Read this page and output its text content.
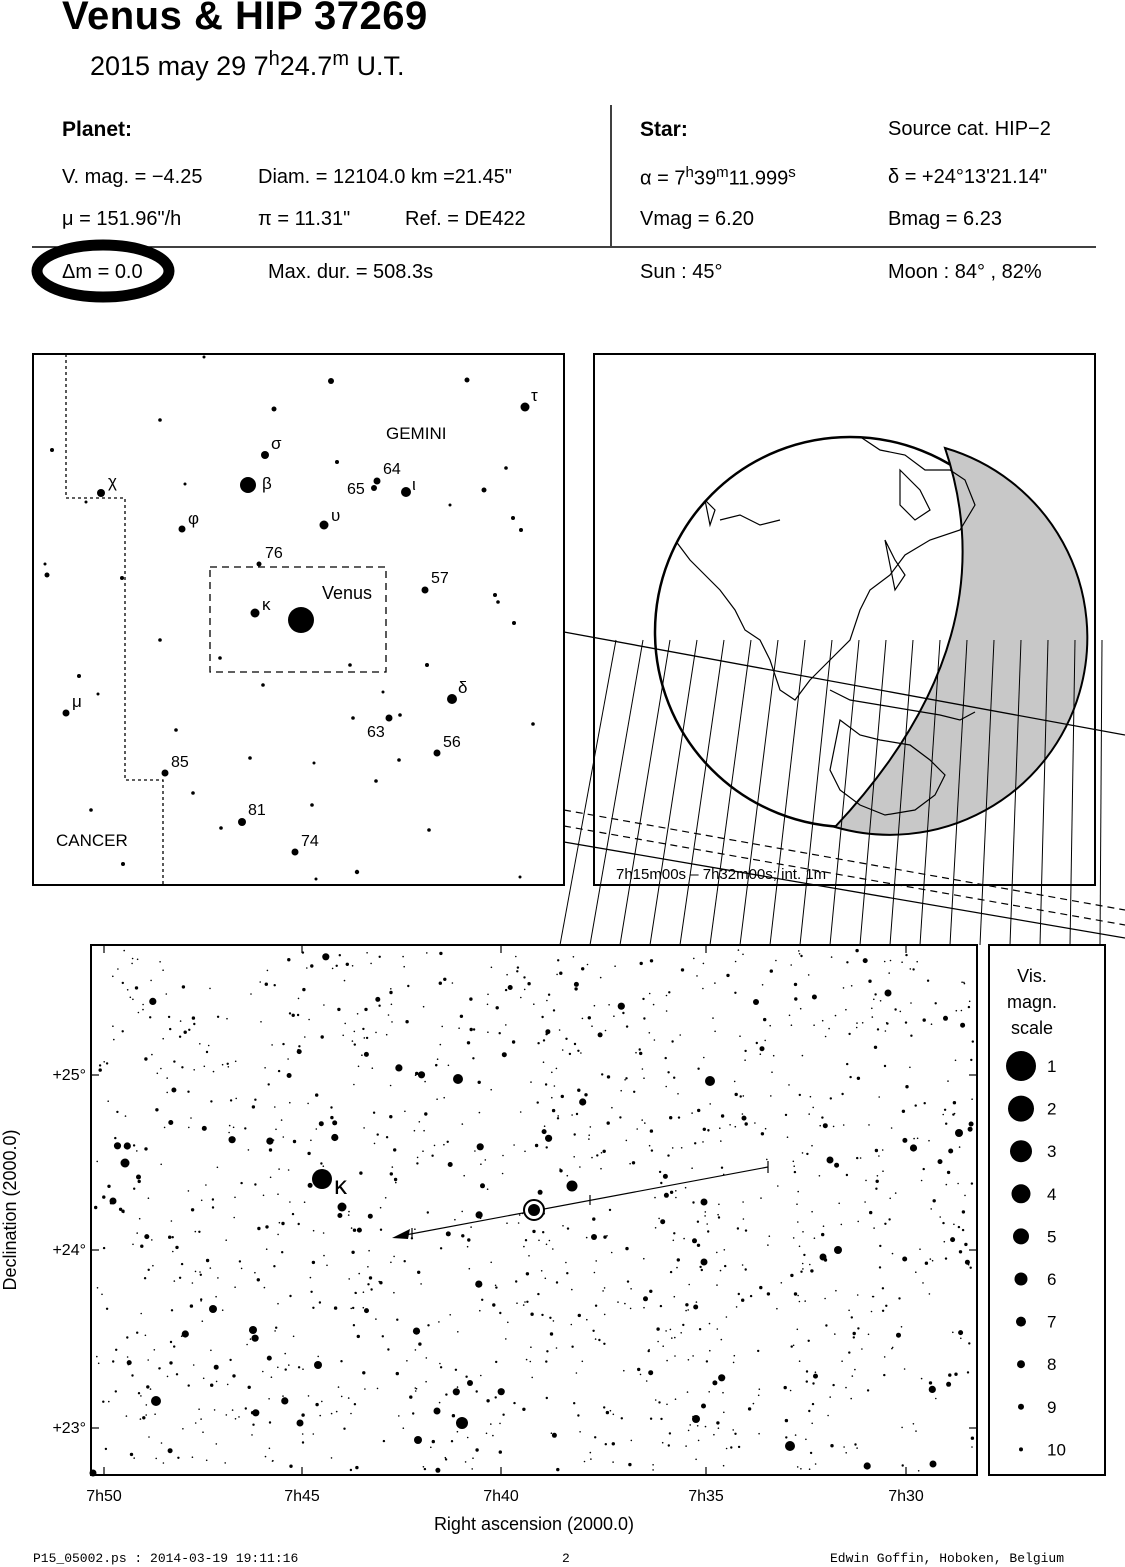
Venus & HIP 37269
2015 may 29 7$^h$24.7$^m$ U.T.
Planet:
V. mag. = −4.25	Diam. = 12104.0 km =21.45"
μ = 151.96"/h	π = 11.31"	Ref. = DE422
Star:	Source cat. HIP−2
$\alpha = 7^h39^m11.999^s$	δ = +24°13'21.14"
Vmag = 6.20	Bmag = 6.23
Δm = 0.0	Max. dur. = 508.3s	Sun : 45°	Moon : 84° , 82%
τ
σ
β
χ
64
65	ι
υ
φ
76
57
κ
δ
μ
63
56
85
81
74
Venus
GEMINI
CANCER
7h15m00s – 7h32m00s; int. 1m
κ
7h50	7h45	7h40	7h35	7h30
+25°
+24°
+23°
Right ascension (2000.0)
Declination (2000.0)
Vis.
magn.
scale
1
2
3
4
5
6
7
8
9
10
P15_05002.ps : 2014-03-19 19:11:16	2	Edwin Goffin, Hoboken, Belgium
